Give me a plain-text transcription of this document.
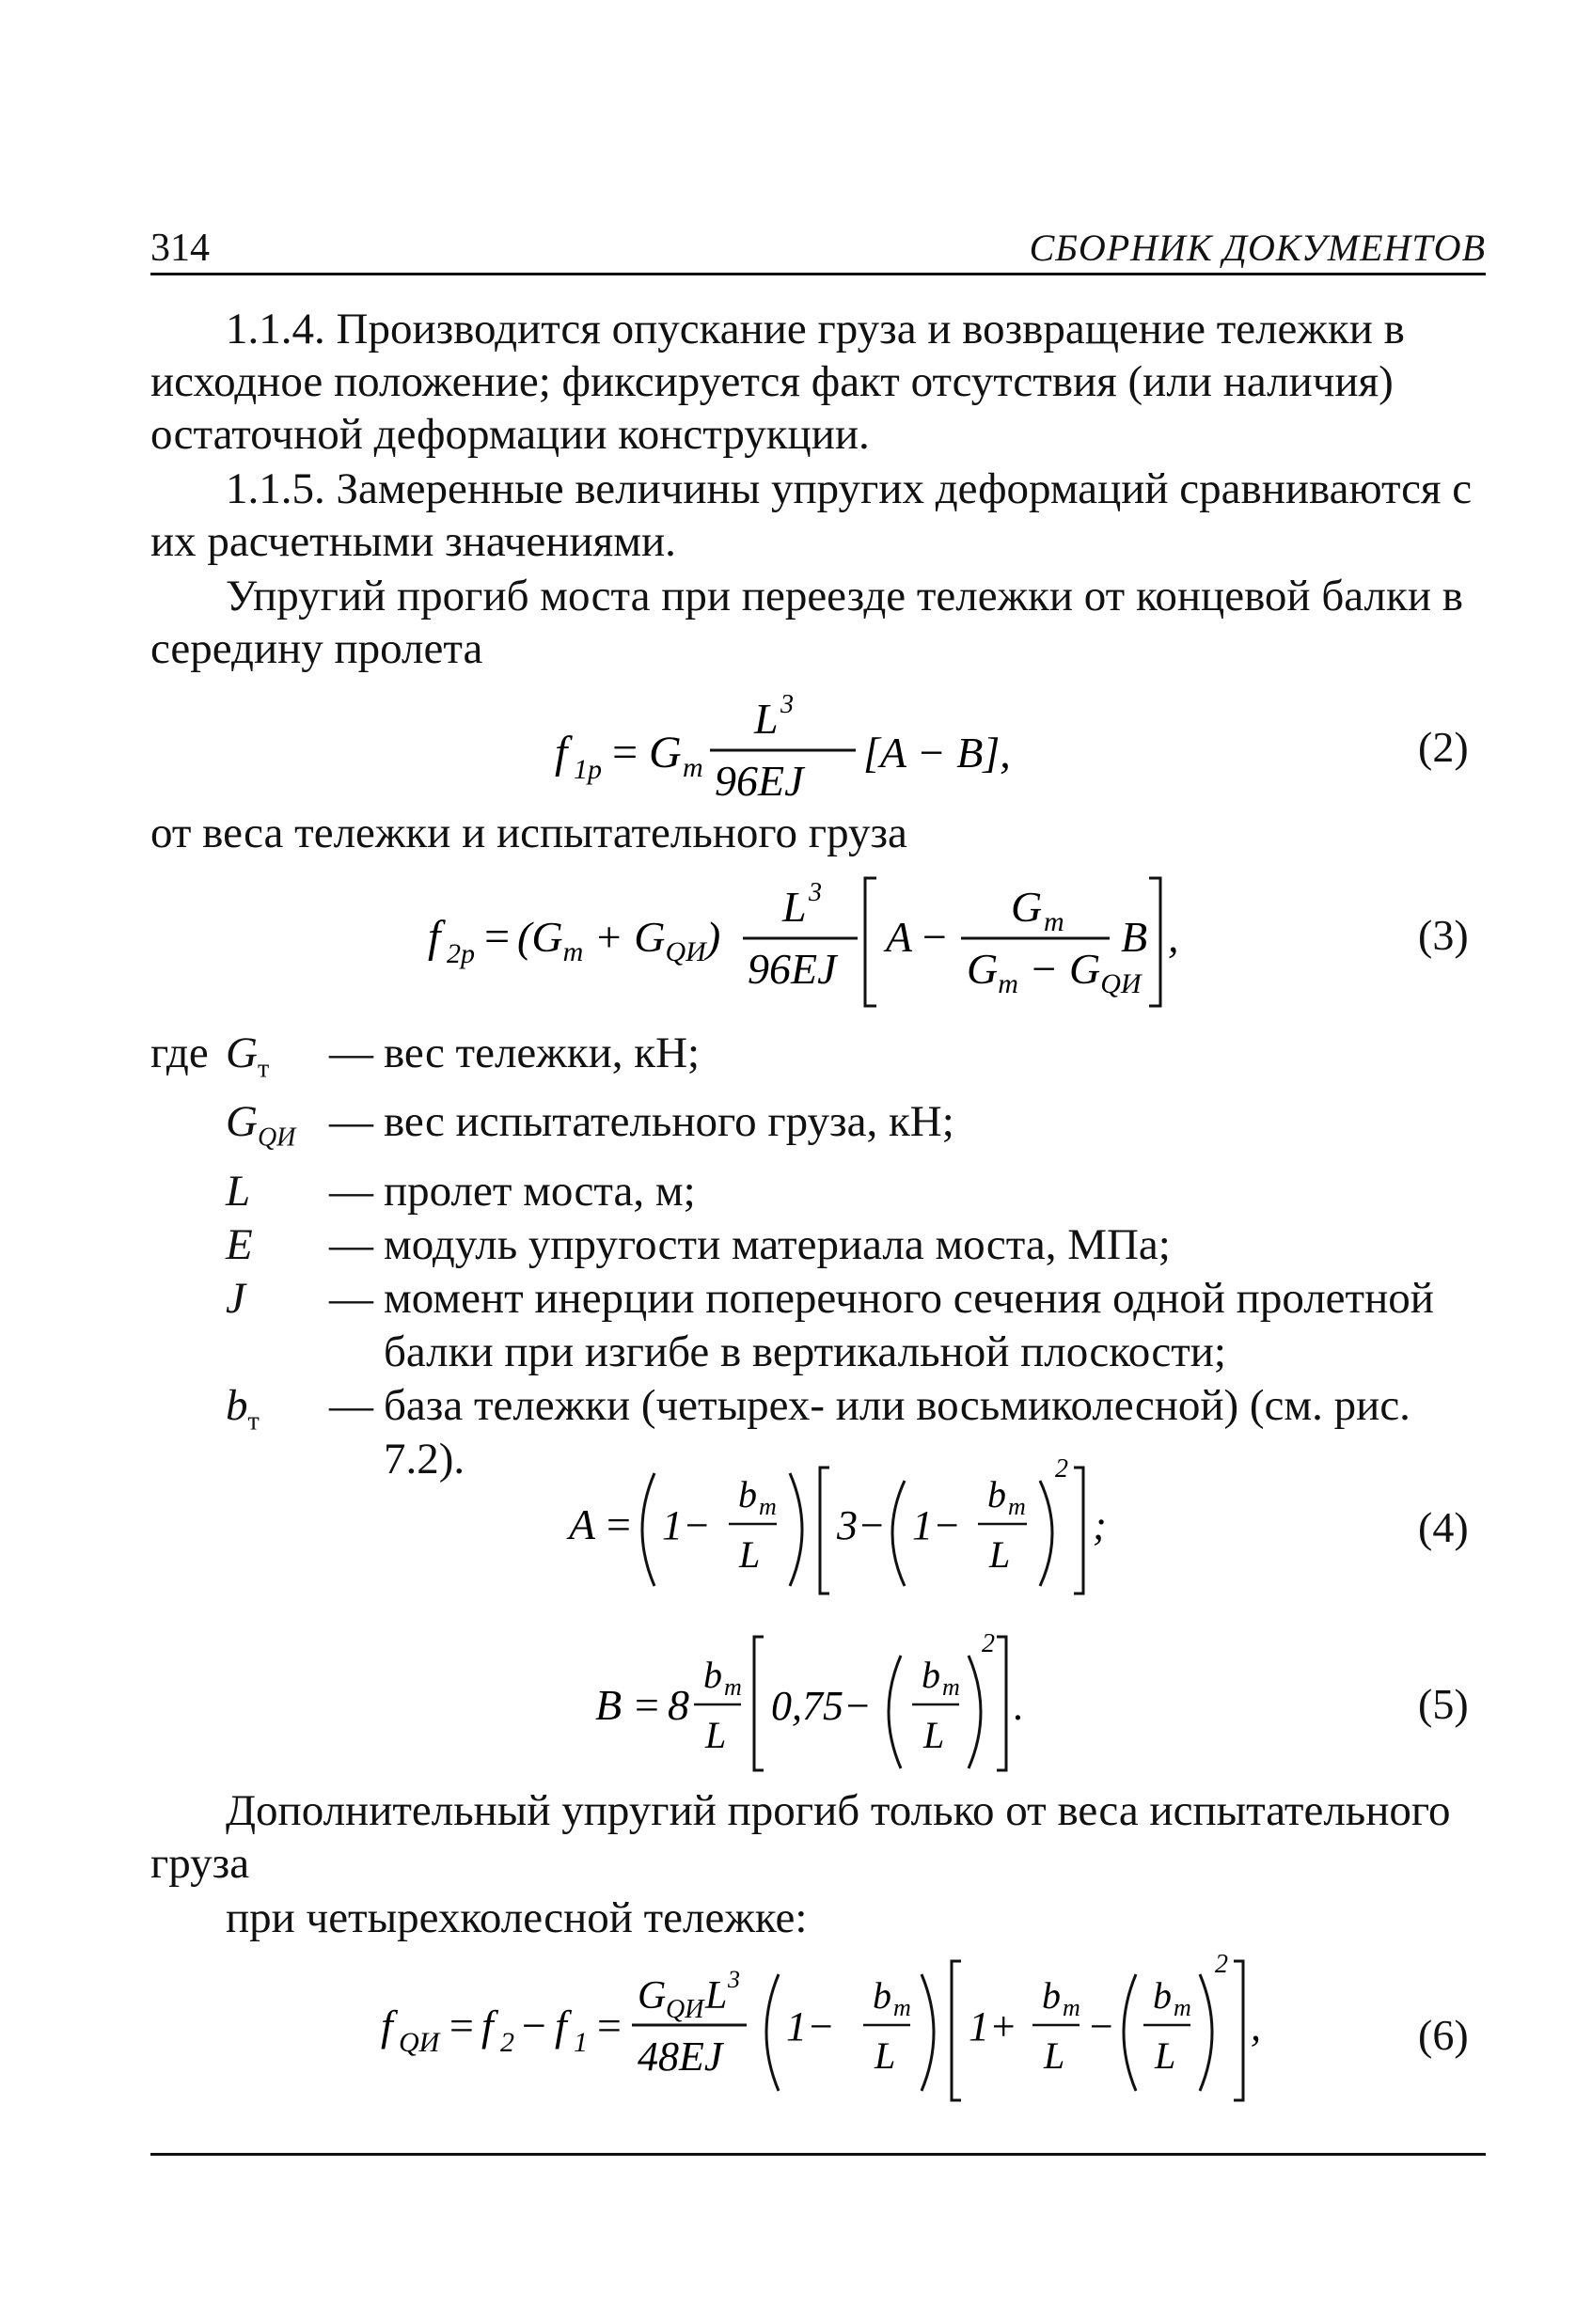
314	СБОРНИК ДОКУМЕНТОВ

1.1.4. Производится опускание груза и возвращение тележки в исходное положение; фиксируется факт отсутствия (или наличия) остаточной деформации конструкции.

1.1.5. Замеренные величины упругих деформаций сравниваются с их расчетными значениями.

Упругий прогиб моста при переезде тележки от концевой балки в середину пролета

f 1p = G т
L 3
96EJ
[A − B],	(2)

от веса тележки и испытательного груза

f $2p = (G_т + G_{QИ})$
L 3
96EJ
A −
G т
$G_т - G_{QИ}$
B ,	(3)
где $G_т$	— вес тележки, кН;
$G_{QИ}$ — вес испытательного груза, кН;
L	— пролет моста, м;
E	— модуль упругости материала моста, МПа;
J	— момент инерции поперечного сечения одной пролетной балки при изгибе в вертикальной плоскости;
$b_т$	— база тележки (четырех- или восьмиколесной) (см. рис. 7.2).
A = 1−
b т
L
3− 1−
b т
L
2
;	(4)
B = 8
b т
L
0,75−
b т
L
2
.	(5)

Дополнительный упругий прогиб только от веса испытательного груза

при четырехколесной тележке:

f QИ = f 2 − f 1 =
G QИ L 3
48EJ
1−
b т
L
1+
b т
L
−
b т
L
2
,	(6)
